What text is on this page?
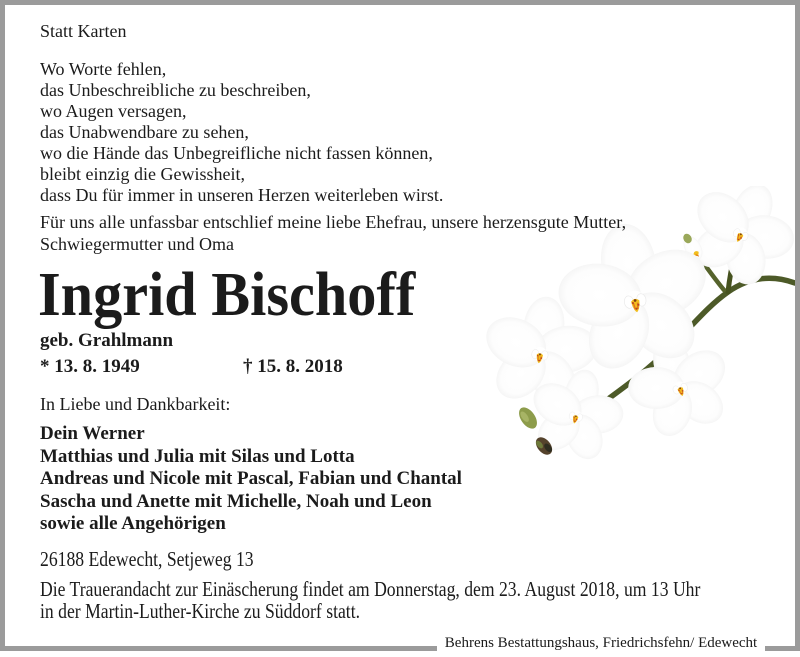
Statt Karten
Wo Worte fehlen,
das Unbeschreibliche zu beschreiben,
wo Augen versagen,
das Unabwendbare zu sehen,
wo die Hände das Unbegreifliche nicht fassen können,
bleibt einzig die Gewissheit,
dass Du für immer in unseren Herzen weiterleben wirst.
Für uns alle unfassbar entschlief meine liebe Ehefrau, unsere herzensgute Mutter,
Schwiegermutter und Oma
Ingrid Bischoff
geb. Grahlmann
* 13. 8. 1949	† 15. 8. 2018
In Liebe und Dankbarkeit:
Dein Werner
Matthias und Julia mit Silas und Lotta
Andreas und Nicole mit Pascal, Fabian und Chantal
Sascha und Anette mit Michelle, Noah und Leon
sowie alle Angehörigen
26188 Edewecht, Setjeweg 13
Die Trauerandacht zur Einäscherung findet am Donnerstag, dem 23. August 2018, um 13 Uhr
in der Martin-Luther-Kirche zu Süddorf statt.
Behrens Bestattungshaus, Friedrichsfehn/ Edewecht
